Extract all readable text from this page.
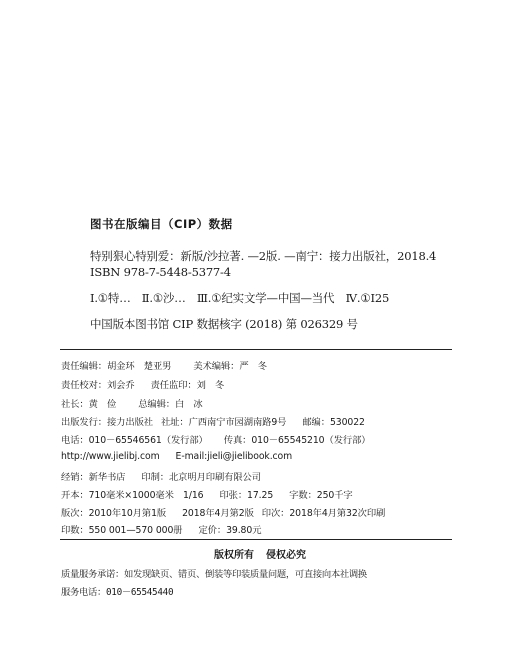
图书在版编目（CIP）数据
特别狠心特别爱：新版/沙拉著. —2版. —南宁：接力出版社，2018.4
ISBN 978-7-5448-5377-4
Ⅰ.①特…　Ⅱ.①沙…　Ⅲ.①纪实文学—中国—当代　Ⅳ.①I25
中国版本图书馆 CIP 数据核字 (2018) 第 026329 号
责任编辑：胡金环　楚亚男 美术编辑：严　冬
责任校对：刘会乔 责任监印：刘　冬
社长：黄　俭 总编辑：白　冰
出版发行：接力出版社 社址：广西南宁市园湖南路9号 邮编：530022
电话：010－65546561（发行部） 传真：010－65545210（发行部）
http://www.jielibj.com E-mail:jieli@jielibook.com
经销：新华书店 印制：北京明月印刷有限公司
开本：710毫米×1000毫米　1/16 印张：17.25 字数：250千字
版次：2010年10月第1版 2018年4月第2版 印次：2018年4月第32次印刷
印数：550 001—570 000册 定价：39.80元
版权所有 侵权必究
质量服务承诺：如发现缺页、错页、倒装等印装质量问题，可直接向本社调换
服务电话：010－65545440
